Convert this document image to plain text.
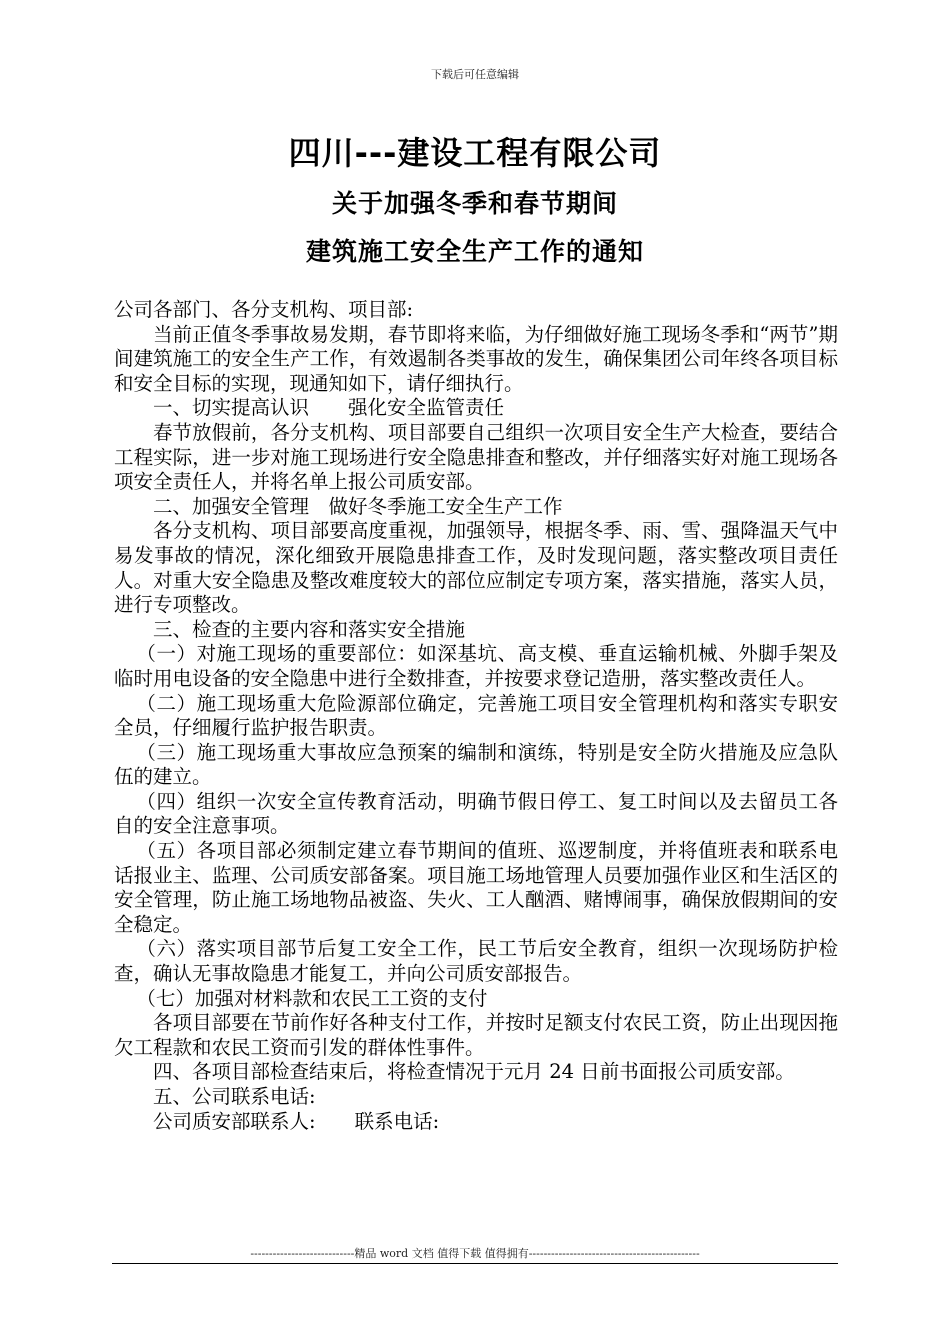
下载后可任意编辑
四川---建设工程有限公司
关于加强冬季和春节期间
建筑施工安全生产工作的通知

公司各部门、各分支机构、项目部:

当前正值冬季事故易发期，春节即将来临，为仔细做好施工现场冬季和“两节”期间建筑施工的安全生产工作，有效遏制各类事故的发生，确保集团公司年终各项目标和安全目标的实现，现通知如下，请仔细执行。

一、切实提高认识　　强化安全监管责任

春节放假前，各分支机构、项目部要自己组织一次项目安全生产大检查，要结合工程实际，进一步对施工现场进行安全隐患排查和整改，并仔细落实好对施工现场各项安全责任人，并将名单上报公司质安部。

二、加强安全管理　做好冬季施工安全生产工作

各分支机构、项目部要高度重视，加强领导，根据冬季、雨、雪、强降温天气中易发事故的情况，深化细致开展隐患排查工作，及时发现问题，落实整改项目责任人。对重大安全隐患及整改难度较大的部位应制定专项方案，落实措施，落实人员，进行专项整改。

三、检查的主要内容和落实安全措施

（一）对施工现场的重要部位：如深基坑、高支模、垂直运输机械、外脚手架及临时用电设备的安全隐患中进行全数排查，并按要求登记造册，落实整改责任人。

（二）施工现场重大危险源部位确定，完善施工项目安全管理机构和落实专职安全员，仔细履行监护报告职责。

（三）施工现场重大事故应急预案的编制和演练，特别是安全防火措施及应急队伍的建立。

（四）组织一次安全宣传教育活动，明确节假日停工、复工时间以及去留员工各自的安全注意事项。

（五）各项目部必须制定建立春节期间的值班、巡逻制度，并将值班表和联系电话报业主、监理、公司质安部备案。项目施工场地管理人员要加强作业区和生活区的安全管理，防止施工场地物品被盗、失火、工人酗酒、赌博闹事，确保放假期间的安全稳定。

（六）落实项目部节后复工安全工作，民工节后安全教育，组织一次现场防护检查，确认无事故隐患才能复工，并向公司质安部报告。

（七）加强对材料款和农民工工资的支付

各项目部要在节前作好各种支付工作，并按时足额支付农民工资，防止出现因拖欠工程款和农民工资而引发的群体性事件。

四、各项目部检查结束后，将检查情况于元月 24 日前书面报公司质安部。

五、公司联系电话:

公司质安部联系人:　　联系电话:

----------------------------精品 word 文档 值得下载 值得拥有----------------------------------------------
